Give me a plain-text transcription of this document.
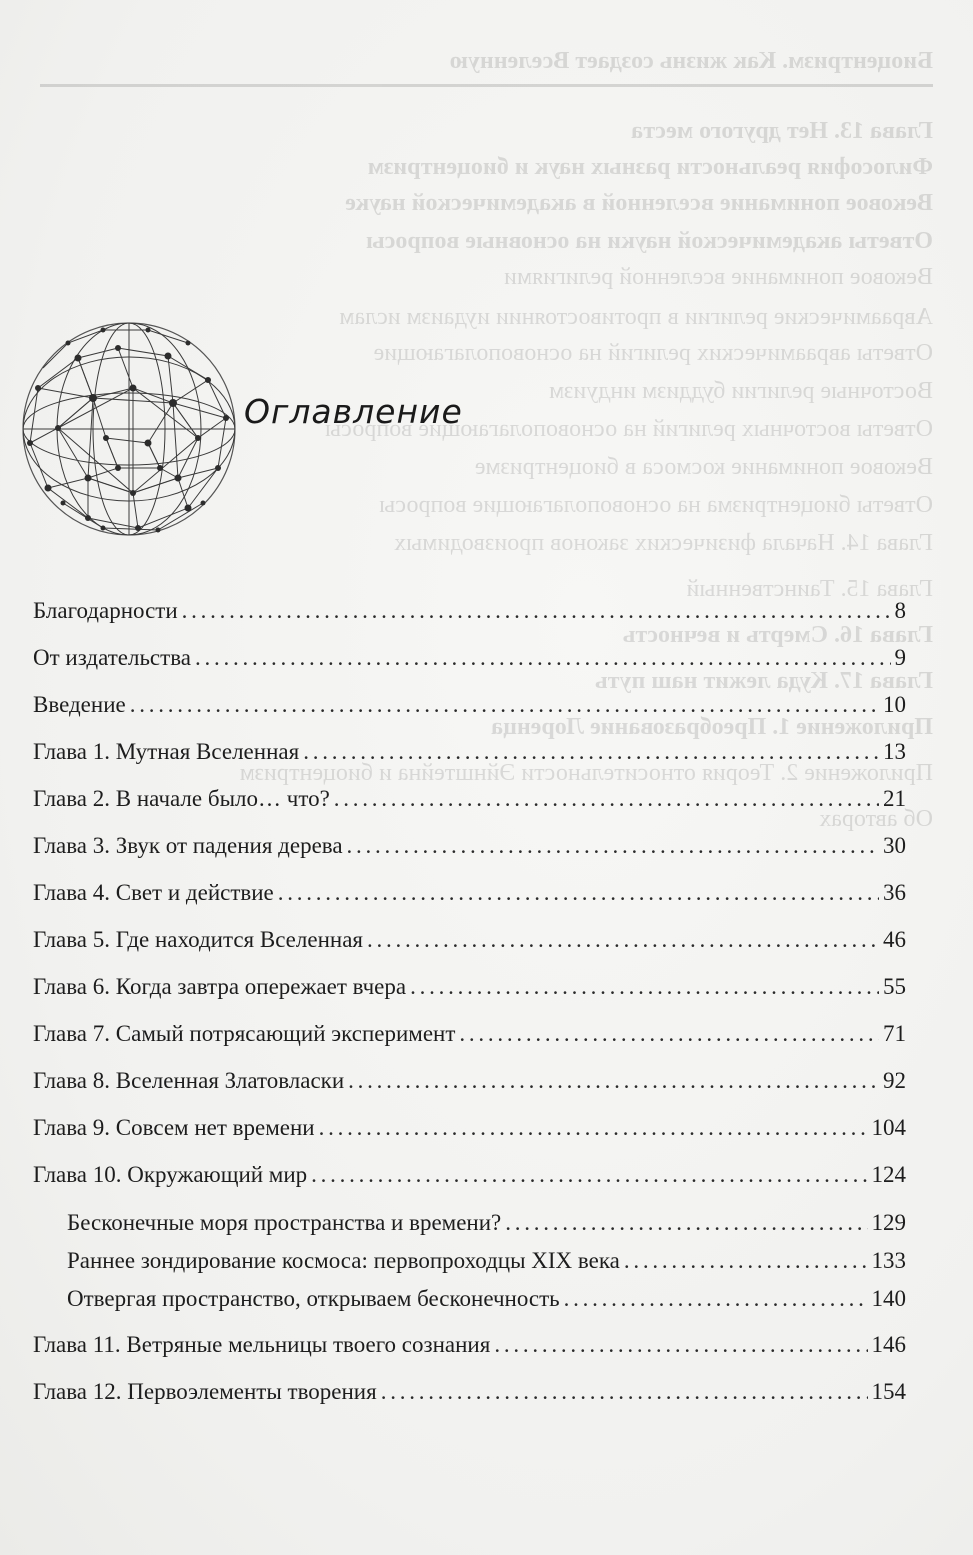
Биоцентризм. Как жизнь создает Вселенную
Глава 13. Нет другого места
Философия реальности разных наук и биоцентризм
Вековое понимание вселенной в академической науке
Ответы академической науки на основные вопросы
Вековое понимание вселенной религиями
Авраамические религии в противостоянии иудаизм ислам
Ответы авраамических религий на основополагающие
Восточные религии буддизм индуизм
Ответы восточных религий на основополагающие вопросы
Вековое понимание космоса в биоцентризме
Ответы биоцентризма на основополагающие вопросы
Глава 14. Начала физических законов производимых
Глава 15. Таинственный
Глава 16. Смерть и вечность
Глава 17. Куда лежит наш путь
Приложение 1. Преобразование Лоренца
Приложение 2. Теория относительности Эйнштейна и биоцентризм
Об авторах
Оглавление
Благодарности . . .	8
От издательства . . .	9
Введение . . .	10
Глава 1. Мутная Вселенная . . .	13
Глава 2. В начале было… что? . . .	21
Глава 3. Звук от падения дерева . . .	30
Глава 4. Свет и действие . . .	36
Глава 5. Где находится Вселенная . . .	46
Глава 6. Когда завтра опережает вчера . . .	55
Глава 7. Самый потрясающий эксперимент . . .	71
Глава 8. Вселенная Златовласки . . .	92
Глава 9. Совсем нет времени . . .	104
Глава 10. Окружающий мир . . .	124
Бесконечные моря пространства и времени? . . .	129
Раннее зондирование космоса: первопроходцы XIX века . . .	133
Отвергая пространство, открываем бесконечность . . .	140
Глава 11. Ветряные мельницы твоего сознания . . .	146
Глава 12. Первоэлементы творения . . .	154
